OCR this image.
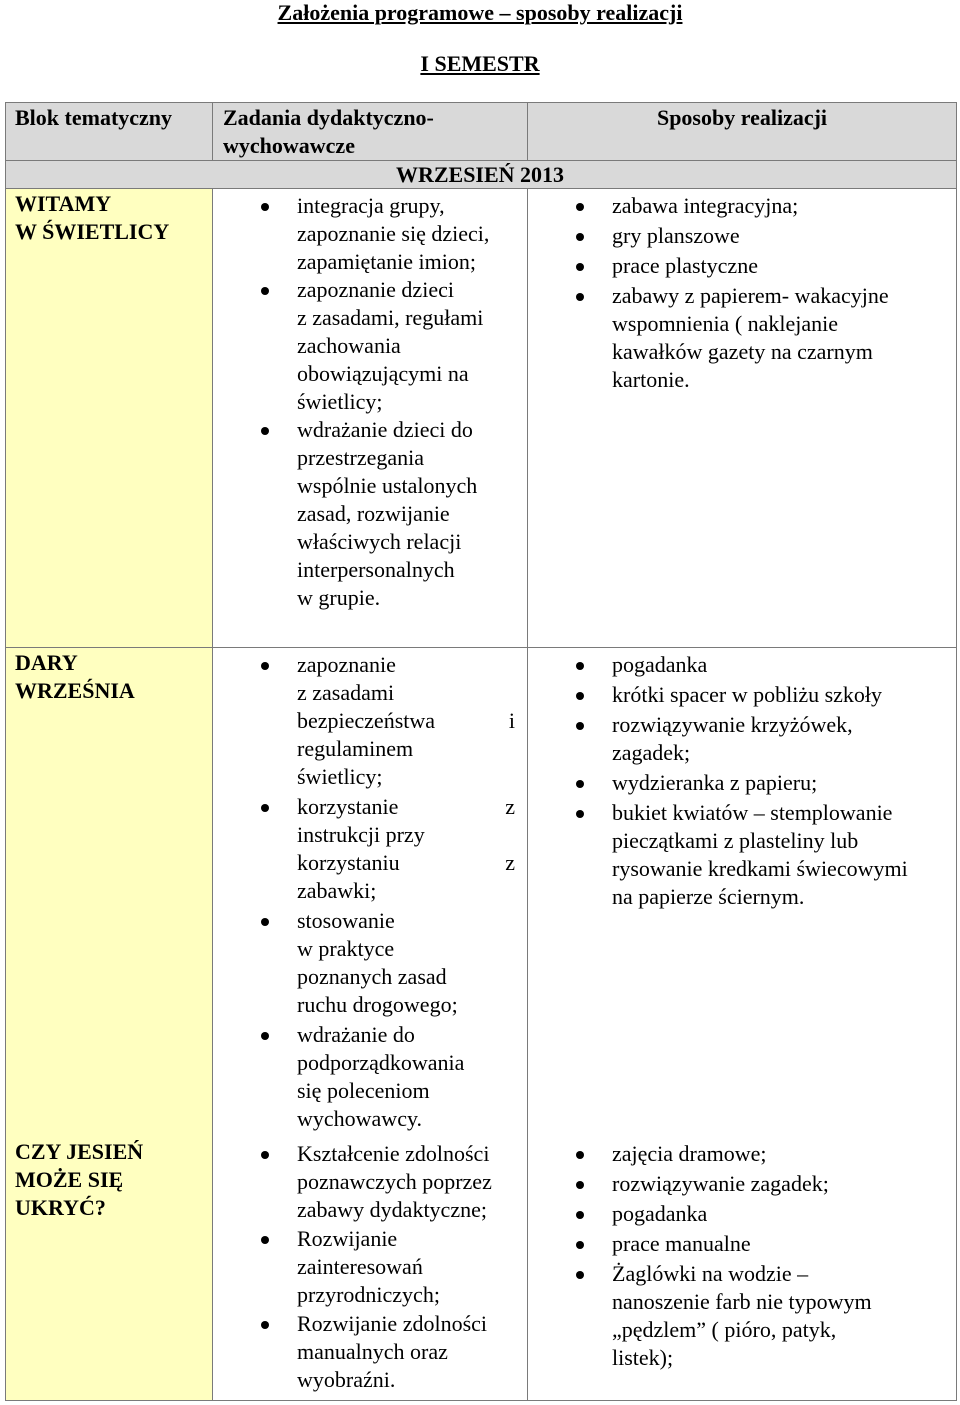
Założenia programowe – sposoby realizacji
I SEMESTR
Blok tematyczny	Zadania dydaktyczno-
wychowawcze
Sposoby realizacji
WRZESIEŃ 2013
WITAMY
W ŚWIETLICY
integracja grupy,
zapoznanie się dzieci,
zapamiętanie imion;
zapoznanie dzieci
z zasadami, regułami
zachowania
obowiązującymi na
świetlicy;
wdrażanie dzieci do
przestrzegania
wspólnie ustalonych
zasad, rozwijanie
właściwych relacji
interpersonalnych
w grupie.
zabawa integracyjna;
gry planszowe
prace plastyczne
zabawy z papierem- wakacyjne
wspomnienia ( naklejanie
kawałków gazety na czarnym
kartonie.
DARY
WRZEŚNIA
zapoznanie
z zasadami
bezpieczeństwa i
regulaminem
świetlicy;
korzystanie z
instrukcji przy
korzystaniu z
zabawki;
stosowanie
w praktyce
poznanych zasad
ruchu drogowego;
wdrażanie do
podporządkowania
się poleceniom
wychowawcy.
pogadanka
krótki spacer w pobliżu szkoły
rozwiązywanie krzyżówek,
zagadek;
wydzieranka z papieru;
bukiet kwiatów – stemplowanie
pieczątkami z plasteliny lub
rysowanie kredkami świecowymi
na papierze ściernym.
CZY JESIEŃ
MOŻE SIĘ
UKRYĆ?
Kształcenie zdolności
poznawczych poprzez
zabawy dydaktyczne;
Rozwijanie
zainteresowań
przyrodniczych;
Rozwijanie zdolności
manualnych oraz
wyobraźni.
zajęcia dramowe;
rozwiązywanie zagadek;
pogadanka
prace manualne
Żaglówki na wodzie –
nanoszenie farb nie typowym
„pędzlem” ( pióro, patyk,
listek);
